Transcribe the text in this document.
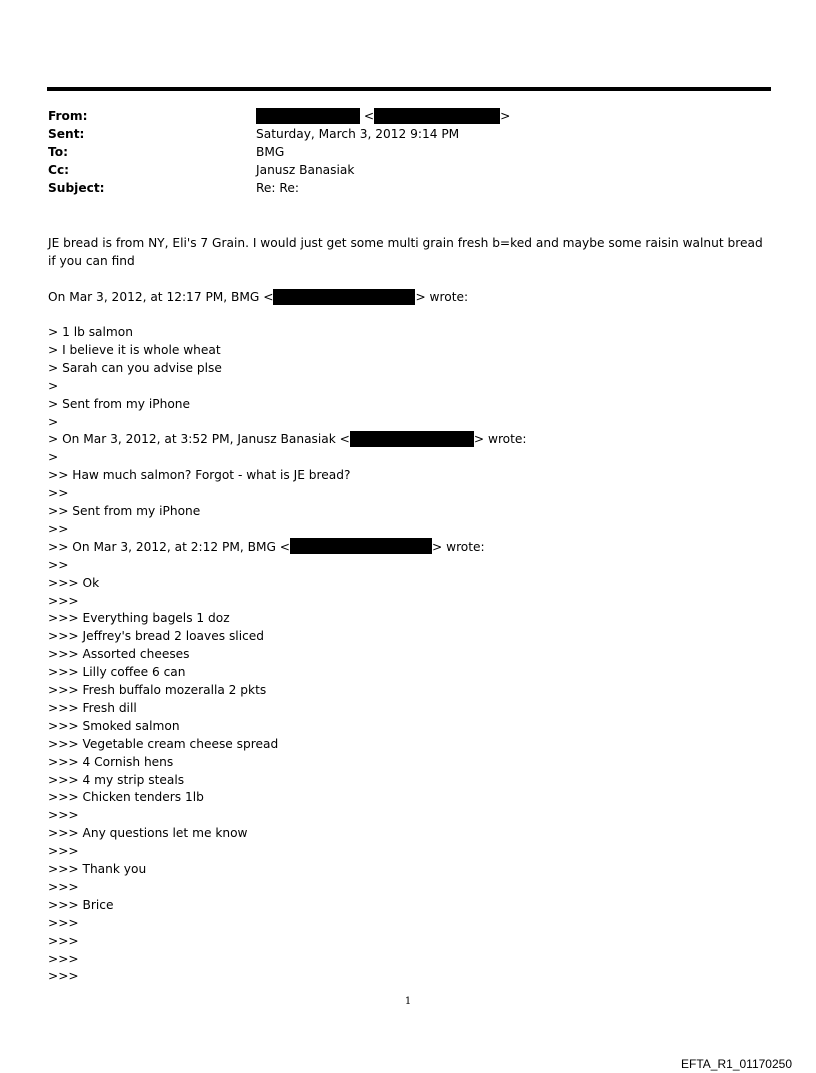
From:	<	>
Sent:	Saturday, March 3, 2012 9:14 PM
To:	BMG
Cc:	Janusz Banasiak
Subject:	Re: Re:
JE bread is from NY, Eli's 7 Grain. I would just get some multi grain fresh b=ked and maybe some raisin walnut bread if you can find
On Mar 3, 2012, at 12:17 PM, BMG <	> wrote:
> 1 lb salmon
> I believe it is whole wheat
> Sarah can you advise plse
>
> Sent from my iPhone
>
> On Mar 3, 2012, at 3:52 PM, Janusz Banasiak <	> wrote:
>
>> Haw much salmon? Forgot - what is JE bread?
>>
>> Sent from my iPhone
>>
>> On Mar 3, 2012, at 2:12 PM, BMG <	> wrote:
>>
>>> Ok
>>>
>>> Everything bagels 1 doz
>>> Jeffrey's bread 2 loaves sliced
>>> Assorted cheeses
>>> Lilly coffee 6 can
>>> Fresh buffalo mozeralla 2 pkts
>>> Fresh dill
>>> Smoked salmon
>>> Vegetable cream cheese spread
>>> 4 Cornish hens
>>> 4 my strip steals
>>> Chicken tenders 1lb
>>>
>>> Any questions let me know
>>>
>>> Thank you
>>>
>>> Brice
>>>
>>>
>>>
>>>
1
EFTA_R1_01170250
